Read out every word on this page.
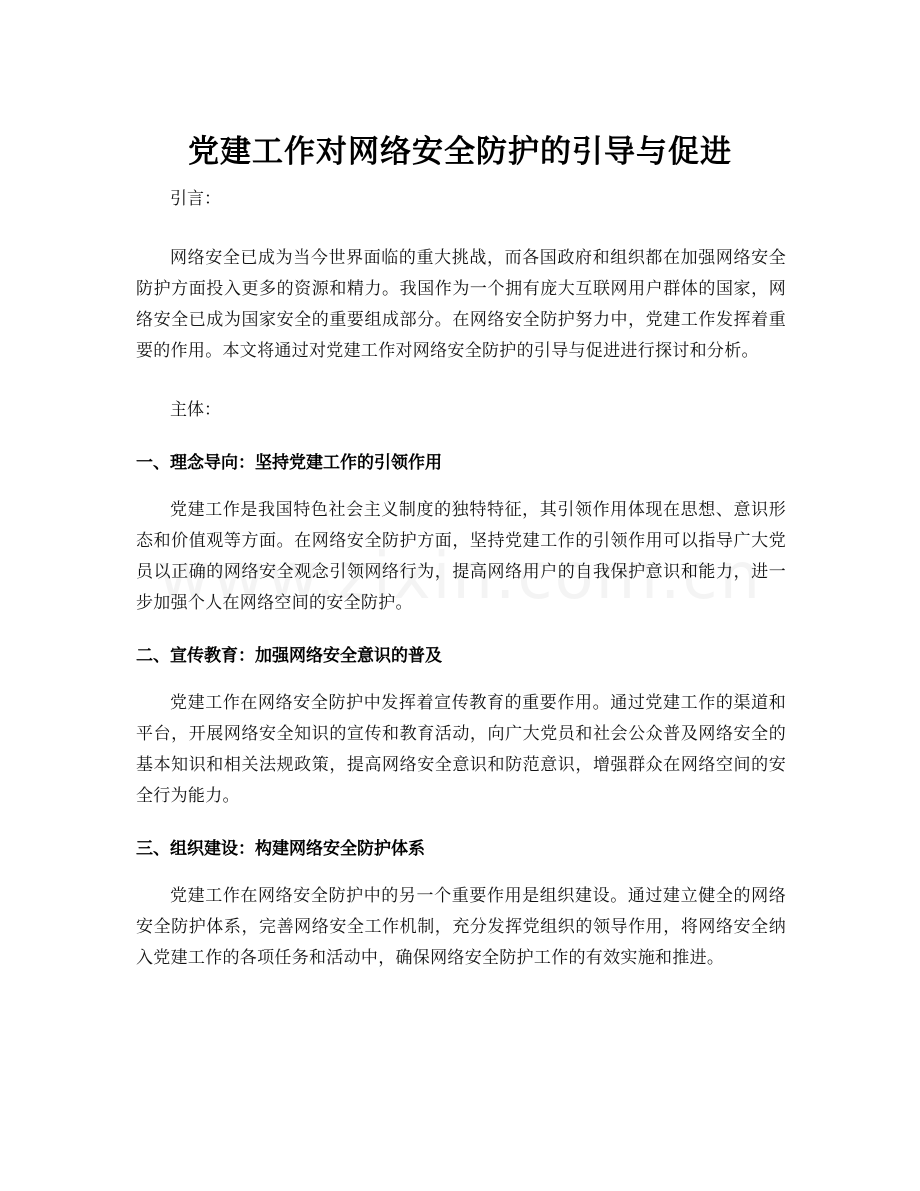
党建工作对网络安全防护的引导与促进

引言：

网络安全已成为当今世界面临的重大挑战，而各国政府和组织都在加强网络安全防护方面投入更多的资源和精力。我国作为一个拥有庞大互联网用户群体的国家，网络安全已成为国家安全的重要组成部分。在网络安全防护努力中，党建工作发挥着重要的作用。本文将通过对党建工作对网络安全防护的引导与促进进行探讨和分析。

主体：

一、理念导向：坚持党建工作的引领作用

党建工作是我国特色社会主义制度的独特特征，其引领作用体现在思想、意识形态和价值观等方面。在网络安全防护方面，坚持党建工作的引领作用可以指导广大党员以正确的网络安全观念引领网络行为，提高网络用户的自我保护意识和能力，进一步加强个人在网络空间的安全防护。

二、宣传教育：加强网络安全意识的普及

党建工作在网络安全防护中发挥着宣传教育的重要作用。通过党建工作的渠道和平台，开展网络安全知识的宣传和教育活动，向广大党员和社会公众普及网络安全的基本知识和相关法规政策，提高网络安全意识和防范意识，增强群众在网络空间的安全行为能力。

三、组织建设：构建网络安全防护体系

党建工作在网络安全防护中的另一个重要作用是组织建设。通过建立健全的网络安全防护体系，完善网络安全工作机制，充分发挥党组织的领导作用，将网络安全纳入党建工作的各项任务和活动中，确保网络安全防护工作的有效实施和推进。
